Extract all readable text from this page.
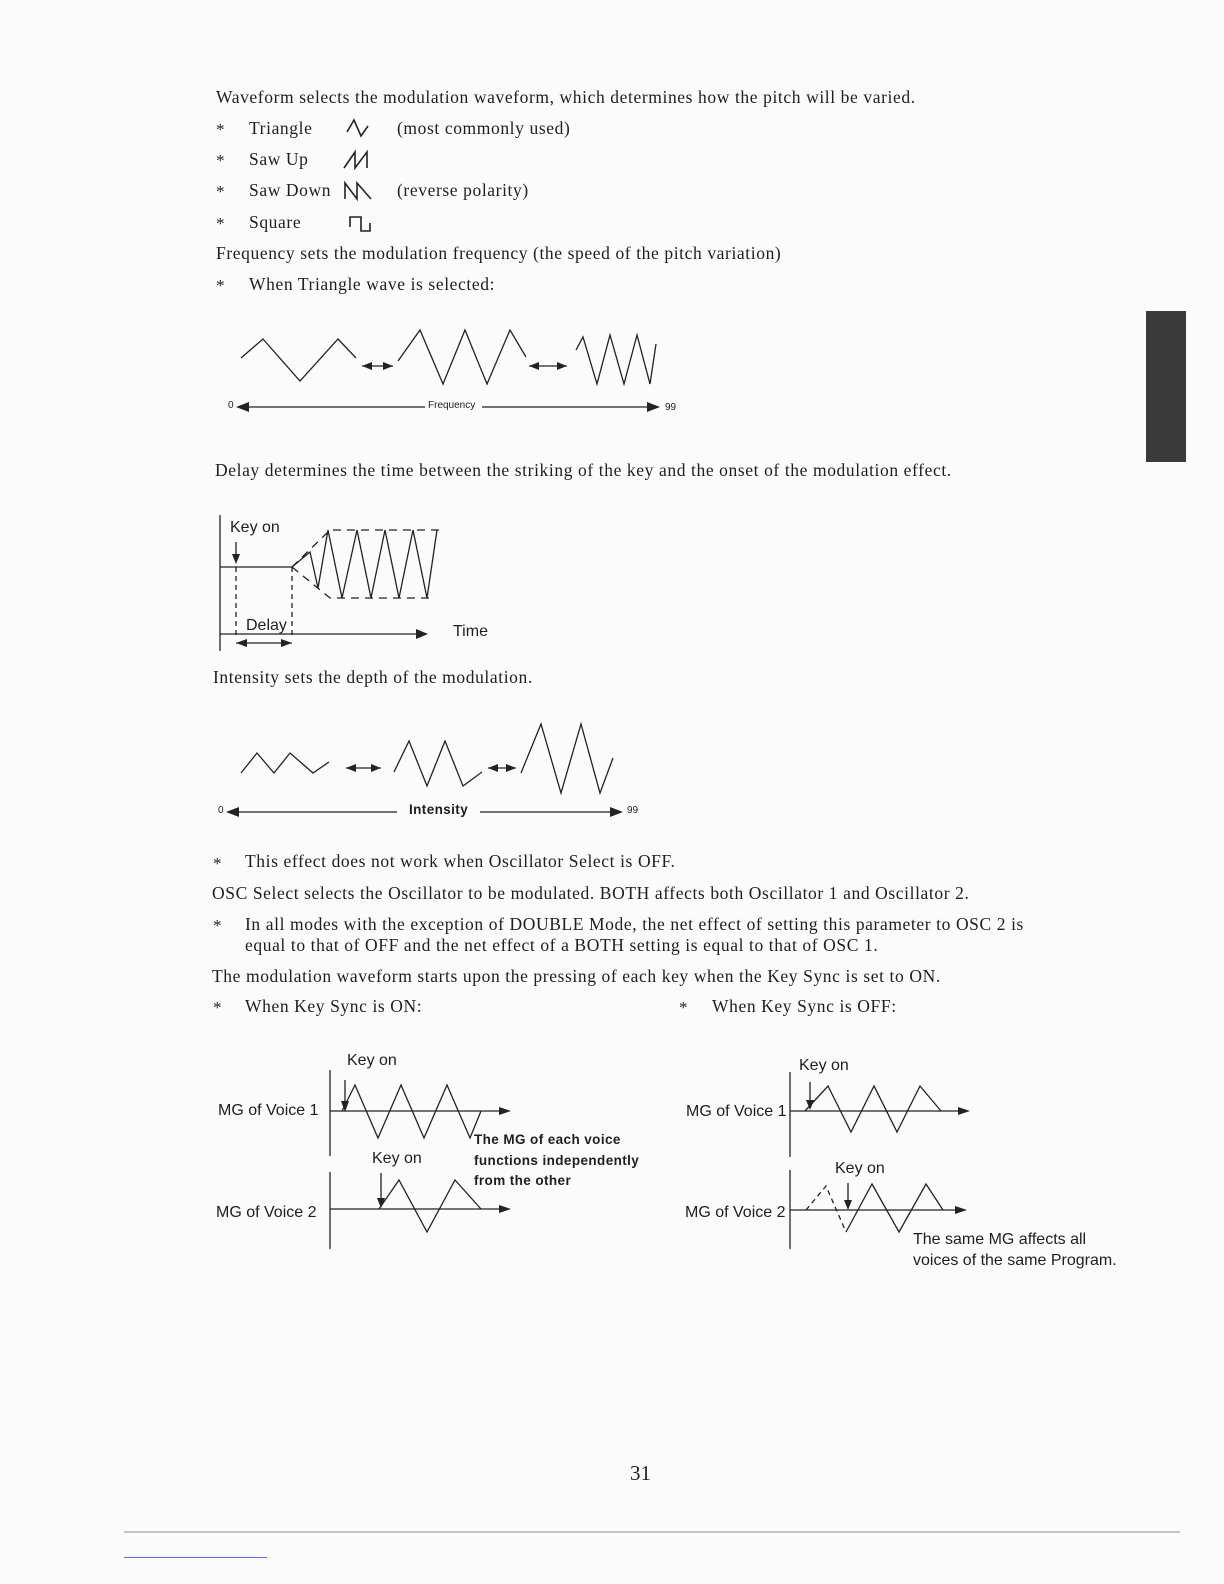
Waveform selects the modulation waveform, which determines how the pitch will be varied.

* Triangle	(most commonly used)
* Saw Up
* Saw Down	(reverse polarity)
* Square

Frequency sets the modulation frequency (the speed of the pitch variation)

* When Triangle wave is selected:
0	Frequency	99

Delay determines the time between the striking of the key and the onset of the modulation effect.

Key on
Delay	Time

Intensity sets the depth of the modulation.

0	Intensity	99
* This effect does not work when Oscillator Select is OFF.

OSC Select selects the Oscillator to be modulated. BOTH affects both Oscillator 1 and Oscillator 2.

* In all modes with the exception of DOUBLE Mode, the net effect of setting this parameter to OSC 2 is
equal to that of OFF and the net effect of a BOTH setting is equal to that of OSC 1.

The modulation waveform starts upon the pressing of each key when the Key Sync is set to ON.

* When Key Sync is ON:	* When Key Sync is OFF:
Key on
MG of Voice 1
Key on
MG of Voice 2
The MG of each voice
functions independently
from the other
Key on
MG of Voice 1
Key on
MG of Voice 2
The same MG affects all
voices of the same Program.
31
